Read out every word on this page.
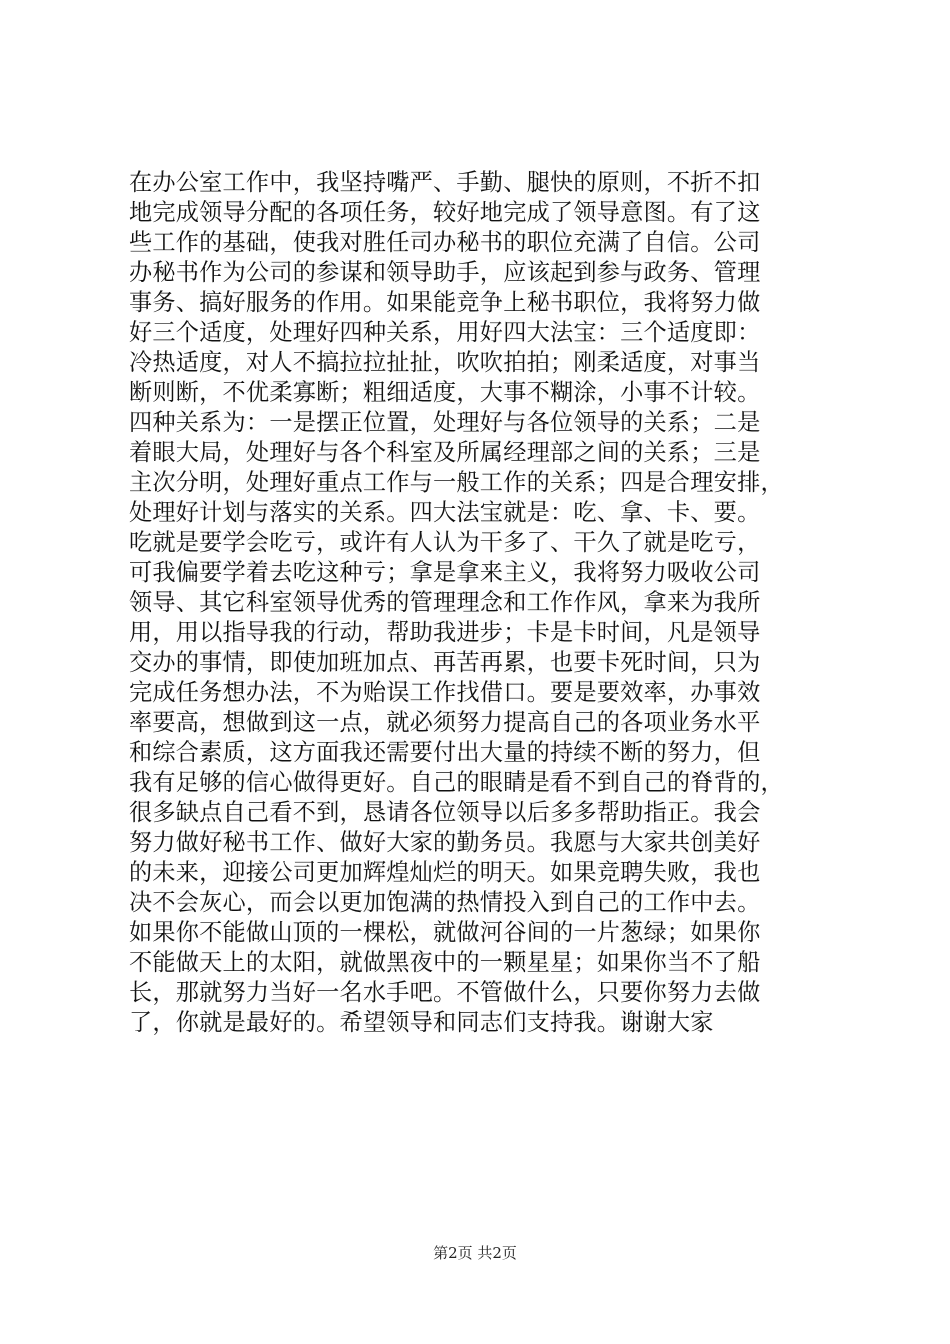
在办公室工作中，我坚持嘴严、手勤、腿快的原则，不折不扣
地完成领导分配的各项任务，较好地完成了领导意图。有了这
些工作的基础，使我对胜任司办秘书的职位充满了自信。公司
办秘书作为公司的参谋和领导助手，应该起到参与政务、管理
事务、搞好服务的作用。如果能竞争上秘书职位，我将努力做
好三个适度，处理好四种关系，用好四大法宝：三个适度即：
冷热适度，对人不搞拉拉扯扯，吹吹拍拍；刚柔适度，对事当
断则断，不优柔寡断；粗细适度，大事不糊涂，小事不计较。
四种关系为：一是摆正位置，处理好与各位领导的关系；二是
着眼大局，处理好与各个科室及所属经理部之间的关系；三是
主次分明，处理好重点工作与一般工作的关系；四是合理安排，
处理好计划与落实的关系。四大法宝就是：吃、拿、卡、要。
吃就是要学会吃亏，或许有人认为干多了、干久了就是吃亏，
可我偏要学着去吃这种亏；拿是拿来主义，我将努力吸收公司
领导、其它科室领导优秀的管理理念和工作作风，拿来为我所
用，用以指导我的行动，帮助我进步；卡是卡时间，凡是领导
交办的事情，即使加班加点、再苦再累，也要卡死时间，只为
完成任务想办法，不为贻误工作找借口。要是要效率，办事效
率要高，想做到这一点，就必须努力提高自己的各项业务水平
和综合素质，这方面我还需要付出大量的持续不断的努力，但
我有足够的信心做得更好。自己的眼睛是看不到自己的脊背的，
很多缺点自己看不到，恳请各位领导以后多多帮助指正。我会
努力做好秘书工作、做好大家的勤务员。我愿与大家共创美好
的未来，迎接公司更加辉煌灿烂的明天。如果竞聘失败，我也
决不会灰心，而会以更加饱满的热情投入到自己的工作中去。
如果你不能做山顶的一棵松，就做河谷间的一片葱绿；如果你
不能做天上的太阳，就做黑夜中的一颗星星；如果你当不了船
长，那就努力当好一名水手吧。不管做什么，只要你努力去做
了，你就是最好的。希望领导和同志们支持我。谢谢大家
第2页 共2页
